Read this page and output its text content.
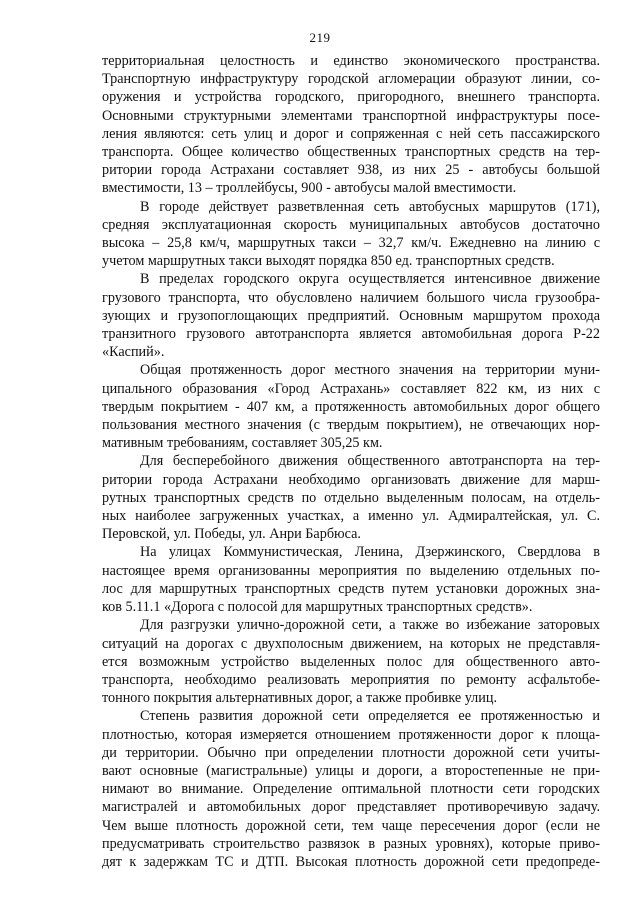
219

территориальная целостность и единство экономического пространства.
Транспортную инфраструктуру городской агломерации образуют линии, со-
оружения и устройства городского, пригородного, внешнего транспорта.
Основными структурными элементами транспортной инфраструктуры посе-
ления являются: сеть улиц и дорог и сопряженная с ней сеть пассажирского
транспорта. Общее количество общественных транспортных средств на тер-
ритории города Астрахани составляет 938, из них 25 - автобусы большой
вместимости, 13 – троллейбусы, 900 - автобусы малой вместимости.

В городе действует разветвленная сеть автобусных маршрутов (171),
средняя эксплуатационная скорость муниципальных автобусов достаточно
высока – 25,8 км/ч, маршрутных такси – 32,7 км/ч. Ежедневно на линию с
учетом маршрутных такси выходят порядка 850 ед. транспортных средств.

В пределах городского округа осуществляется интенсивное движение
грузового транспорта, что обусловлено наличием большого числа грузообра-
зующих и грузопоглощающих предприятий. Основным маршрутом прохода
транзитного грузового автотранспорта является автомобильная дорога Р-22
«Каспий».

Общая протяженность дорог местного значения на территории муни-
ципального образования «Город Астрахань» составляет 822 км, из них с
твердым покрытием - 407 км, а протяженность автомобильных дорог общего
пользования местного значения (с твердым покрытием), не отвечающих нор-
мативным требованиям, составляет 305,25 км.

Для бесперебойного движения общественного автотранспорта на тер-
ритории города Астрахани необходимо организовать движение для марш-
рутных транспортных средств по отдельно выделенным полосам, на отдель-
ных наиболее загруженных участках, а именно ул. Адмиралтейская, ул. С.
Перовской, ул. Победы, ул. Анри Барбюса.

На улицах Коммунистическая, Ленина, Дзержинского, Свердлова в
настоящее время организованны мероприятия по выделению отдельных по-
лос для маршрутных транспортных средств путем установки дорожных зна-
ков 5.11.1 «Дорога с полосой для маршрутных транспортных средств».

Для разгрузки улично-дорожной сети, а также во избежание заторовых
ситуаций на дорогах с двухполосным движением, на которых не представля-
ется возможным устройство выделенных полос для общественного авто-
транспорта, необходимо реализовать мероприятия по ремонту асфальтобе-
тонного покрытия альтернативных дорог, а также пробивке улиц.

Степень развития дорожной сети определяется ее протяженностью и
плотностью, которая измеряется отношением протяженности дорог к площа-
ди территории. Обычно при определении плотности дорожной сети учиты-
вают основные (магистральные) улицы и дороги, а второстепенные не при-
нимают во внимание. Определение оптимальной плотности сети городских
магистралей и автомобильных дорог представляет противоречивую задачу.
Чем выше плотность дорожной сети, тем чаще пересечения дорог (если не
предусматривать строительство развязок в разных уровнях), которые приво-
дят к задержкам ТС и ДТП. Высокая плотность дорожной сети предопреде-
